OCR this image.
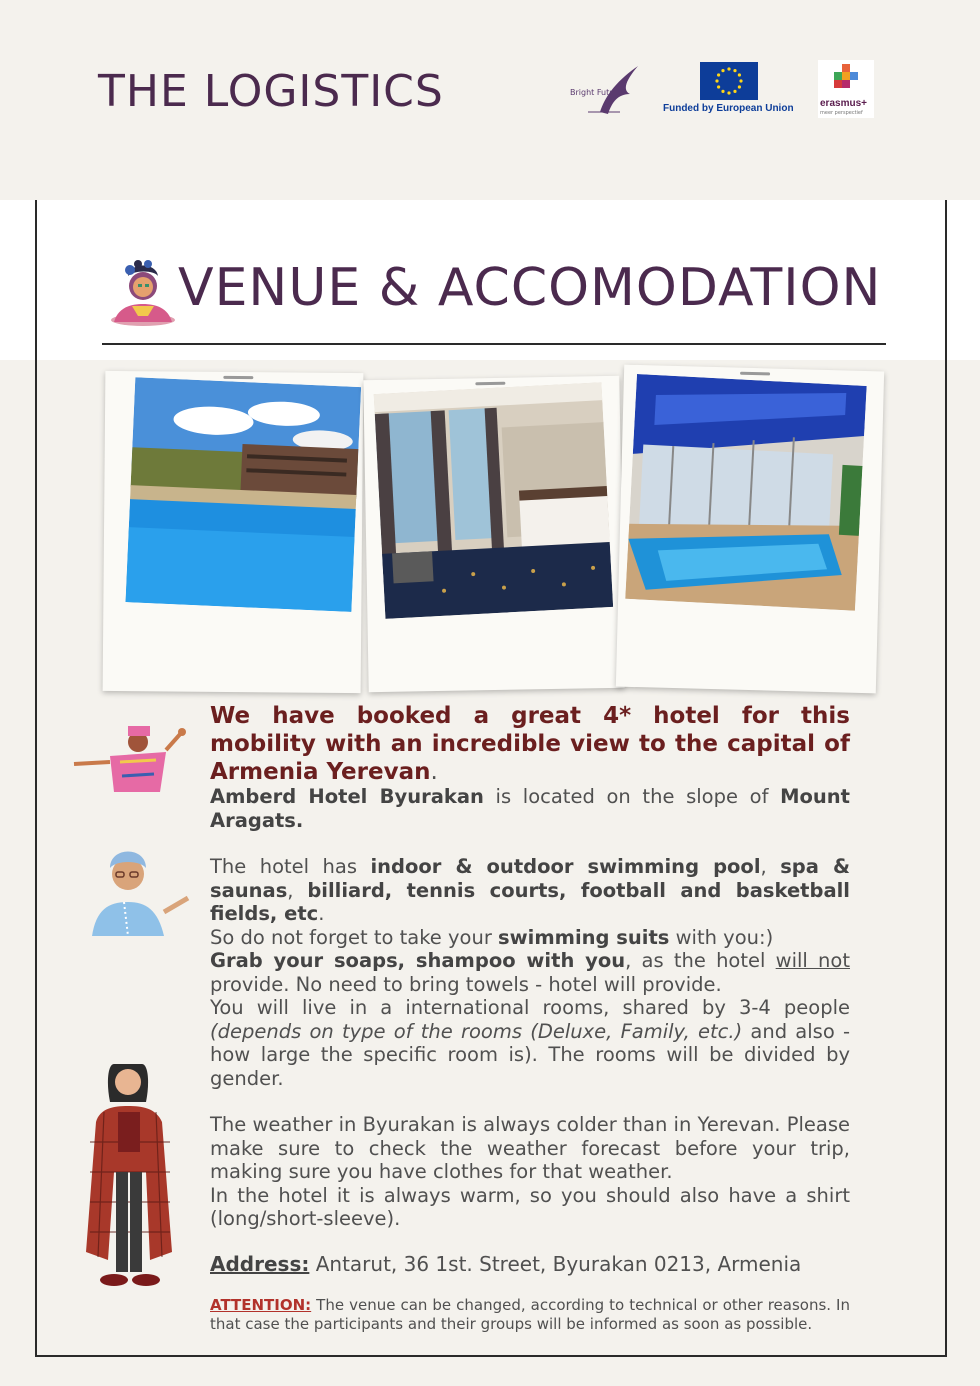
THE LOGISTICS	Bright Future
Funded by European Union	erasmus+
meer perspectief
VENUE & ACCOMODATION
We have booked a great 4* hotel for this mobility with an incredible view to the capital of Armenia Yerevan.
Amberd Hotel Byurakan is located on the slope of Mount Aragats.
The hotel has indoor & outdoor swimming pool, spa & saunas, billiard, tennis courts, football and basketball fields, etc.
So do not forget to take your swimming suits with you:)
Grab your soaps, shampoo with you, as the hotel will not provide. No need to bring towels - hotel will provide.
You will live in a international rooms, shared by 3-4 people (depends on type of the rooms (Deluxe, Family, etc.) and also - how large the specific room is). The rooms will be divided by gender.
The weather in Byurakan is always colder than in Yerevan. Please make sure to check the weather forecast before your trip, making sure you have clothes for that weather.
In the hotel it is always warm, so you should also have a shirt (long/short-sleeve).
Address: Antarut, 36 1st. Street, Byurakan 0213, Armenia
ATTENTION: The venue can be changed, according to technical or other reasons. In that case the participants and their groups will be informed as soon as possible.
